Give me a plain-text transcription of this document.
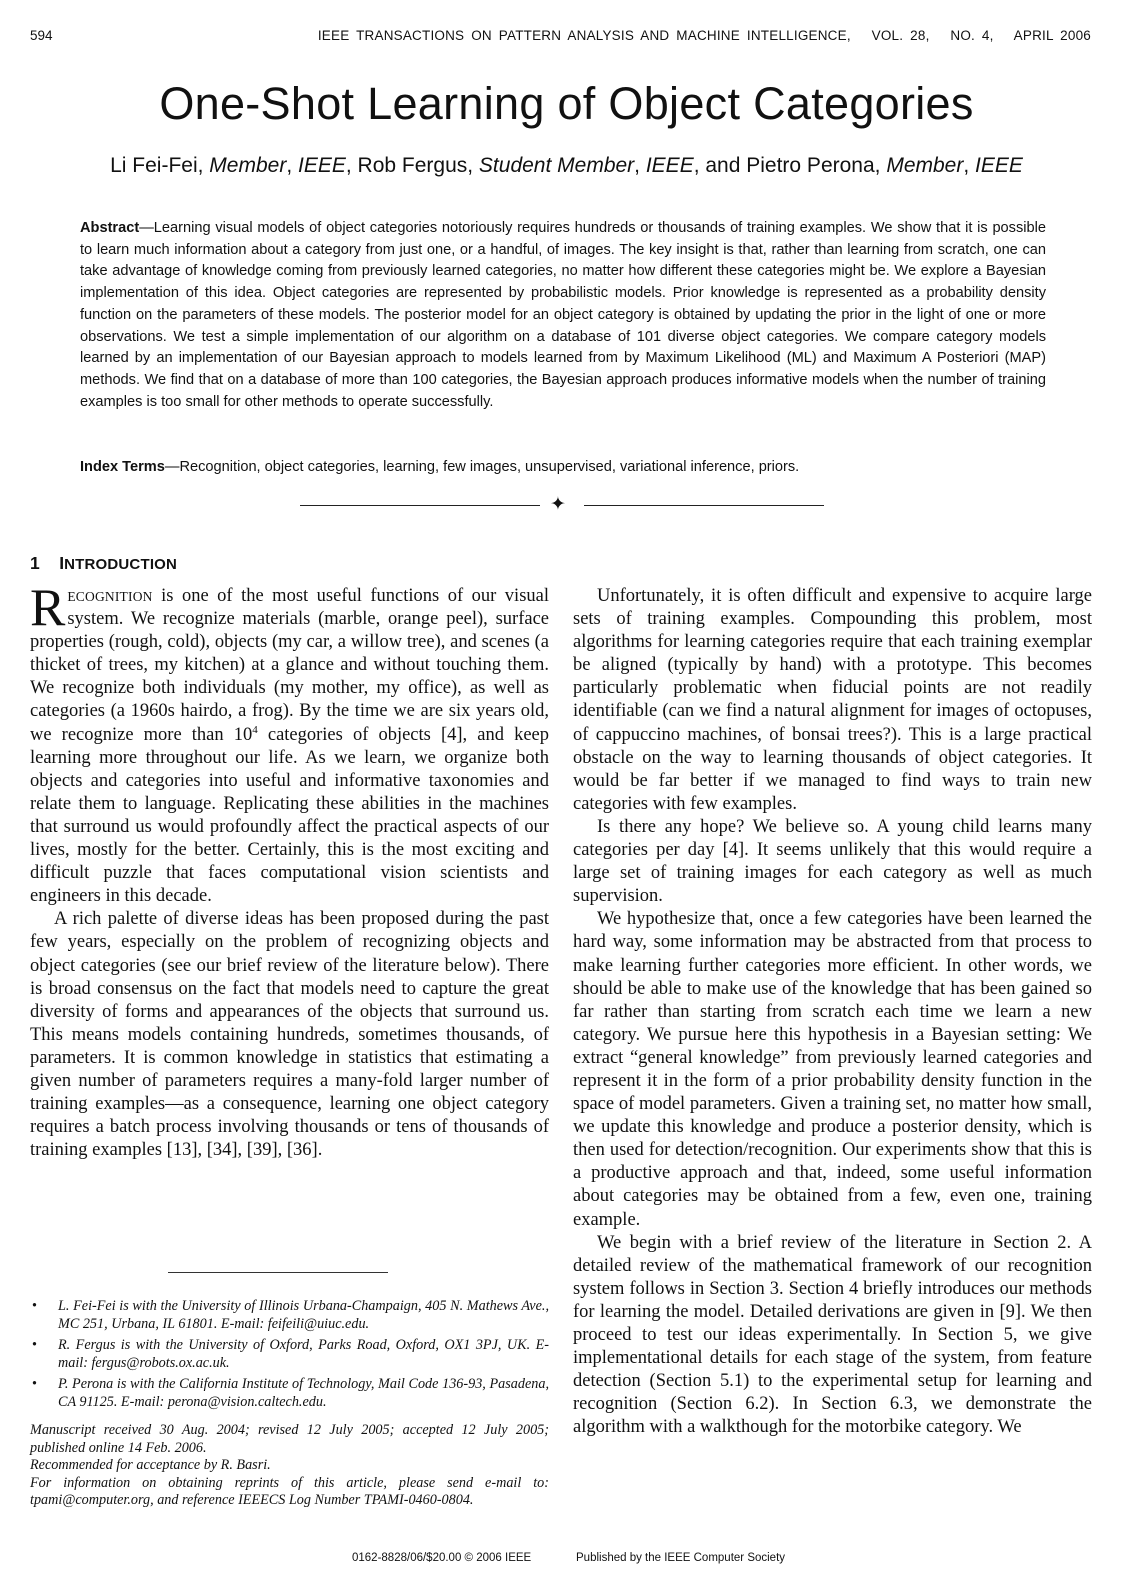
594	IEEE TRANSACTIONS ON PATTERN ANALYSIS AND MACHINE INTELLIGENCE,   VOL. 28,   NO. 4,   APRIL 2006
One-Shot Learning of Object Categories
Li Fei-Fei, Member, IEEE, Rob Fergus, Student Member, IEEE, and Pietro Perona, Member, IEEE

Abstract—Learning visual models of object categories notoriously requires hundreds or thousands of training examples. We show that it is possible to learn much information about a category from just one, or a handful, of images. The key insight is that, rather than learning from scratch, one can take advantage of knowledge coming from previously learned categories, no matter how different these categories might be. We explore a Bayesian implementation of this idea. Object categories are represented by probabilistic models. Prior knowledge is represented as a probability density function on the parameters of these models. The posterior model for an object category is obtained by updating the prior in the light of one or more observations. We test a simple implementation of our algorithm on a database of 101 diverse object categories. We compare category models learned by an implementation of our Bayesian approach to models learned from by Maximum Likelihood (ML) and Maximum A Posteriori (MAP) methods. We find that on a database of more than 100 categories, the Bayesian approach produces informative models when the number of training examples is too small for other methods to operate successfully.

Index Terms—Recognition, object categories, learning, few images, unsupervised, variational inference, priors.

✦
1 INTRODUCTION

RECOGNITION is one of the most useful functions of our visual system. We recognize materials (marble, orange peel), surface properties (rough, cold), objects (my car, a willow tree), and scenes (a thicket of trees, my kitchen) at a glance and without touching them. We recognize both individuals (my mother, my office), as well as categories (a 1960s hairdo, a frog). By the time we are six years old, we recognize more than $10^4$ categories of objects [4], and keep learning more throughout our life. As we learn, we organize both objects and categories into useful and informative taxonomies and relate them to language. Replicating these abilities in the machines that surround us would profoundly affect the practical aspects of our lives, mostly for the better. Certainly, this is the most exciting and difficult puzzle that faces computational vision scientists and engineers in this decade.

A rich palette of diverse ideas has been proposed during the past few years, especially on the problem of recognizing objects and object categories (see our brief review of the literature below). There is broad consensus on the fact that models need to capture the great diversity of forms and appearances of the objects that surround us. This means models containing hundreds, sometimes thousands, of parameters. It is common knowledge in statistics that estimating a given number of parameters requires a many-fold larger number of training examples—as a consequence, learning one object category requires a batch process involving thousands or tens of thousands of training examples [13], [34], [39], [36].

• L. Fei-Fei is with the University of Illinois Urbana-Champaign, 405 N. Mathews Ave., MC 251, Urbana, IL 61801. E-mail: feifeili@uiuc.edu.
• R. Fergus is with the University of Oxford, Parks Road, Oxford, OX1 3PJ, UK. E-mail: fergus@robots.ox.ac.uk.
• P. Perona is with the California Institute of Technology, Mail Code 136-93, Pasadena, CA 91125. E-mail: perona@vision.caltech.edu.

Manuscript received 30 Aug. 2004; revised 12 July 2005; accepted 12 July 2005; published online 14 Feb. 2006.

Recommended for acceptance by R. Basri.

For information on obtaining reprints of this article, please send e-mail to: tpami@computer.org, and reference IEEECS Log Number TPAMI-0460-0804.

Unfortunately, it is often difficult and expensive to acquire large sets of training examples. Compounding this problem, most algorithms for learning categories require that each training exemplar be aligned (typically by hand) with a prototype. This becomes particularly problematic when fiducial points are not readily identifiable (can we find a natural alignment for images of octopuses, of cappuccino machines, of bonsai trees?). This is a large practical obstacle on the way to learning thousands of object categories. It would be far better if we managed to find ways to train new categories with few examples.

Is there any hope? We believe so. A young child learns many categories per day [4]. It seems unlikely that this would require a large set of training images for each category as well as much supervision.

We hypothesize that, once a few categories have been learned the hard way, some information may be abstracted from that process to make learning further categories more efficient. In other words, we should be able to make use of the knowledge that has been gained so far rather than starting from scratch each time we learn a new category. We pursue here this hypothesis in a Bayesian setting: We extract “general knowledge” from previously learned categories and represent it in the form of a prior probability density function in the space of model parameters. Given a training set, no matter how small, we update this knowledge and produce a posterior density, which is then used for detection/recognition. Our experiments show that this is a productive approach and that, indeed, some useful information about categories may be obtained from a few, even one, training example.

We begin with a brief review of the literature in Section 2. A detailed review of the mathematical framework of our recognition system follows in Section 3. Section 4 briefly introduces our methods for learning the model. Detailed derivations are given in [9]. We then proceed to test our ideas experimentally. In Section 5, we give implementational details for each stage of the system, from feature detection (Section 5.1) to the experimental setup for learning and recognition (Section 6.2). In Section 6.3, we demonstrate the algorithm with a walkthough for the motorbike category. We

0162-8828/06/$20.00 © 2006 IEEE	Published by the IEEE Computer Society
